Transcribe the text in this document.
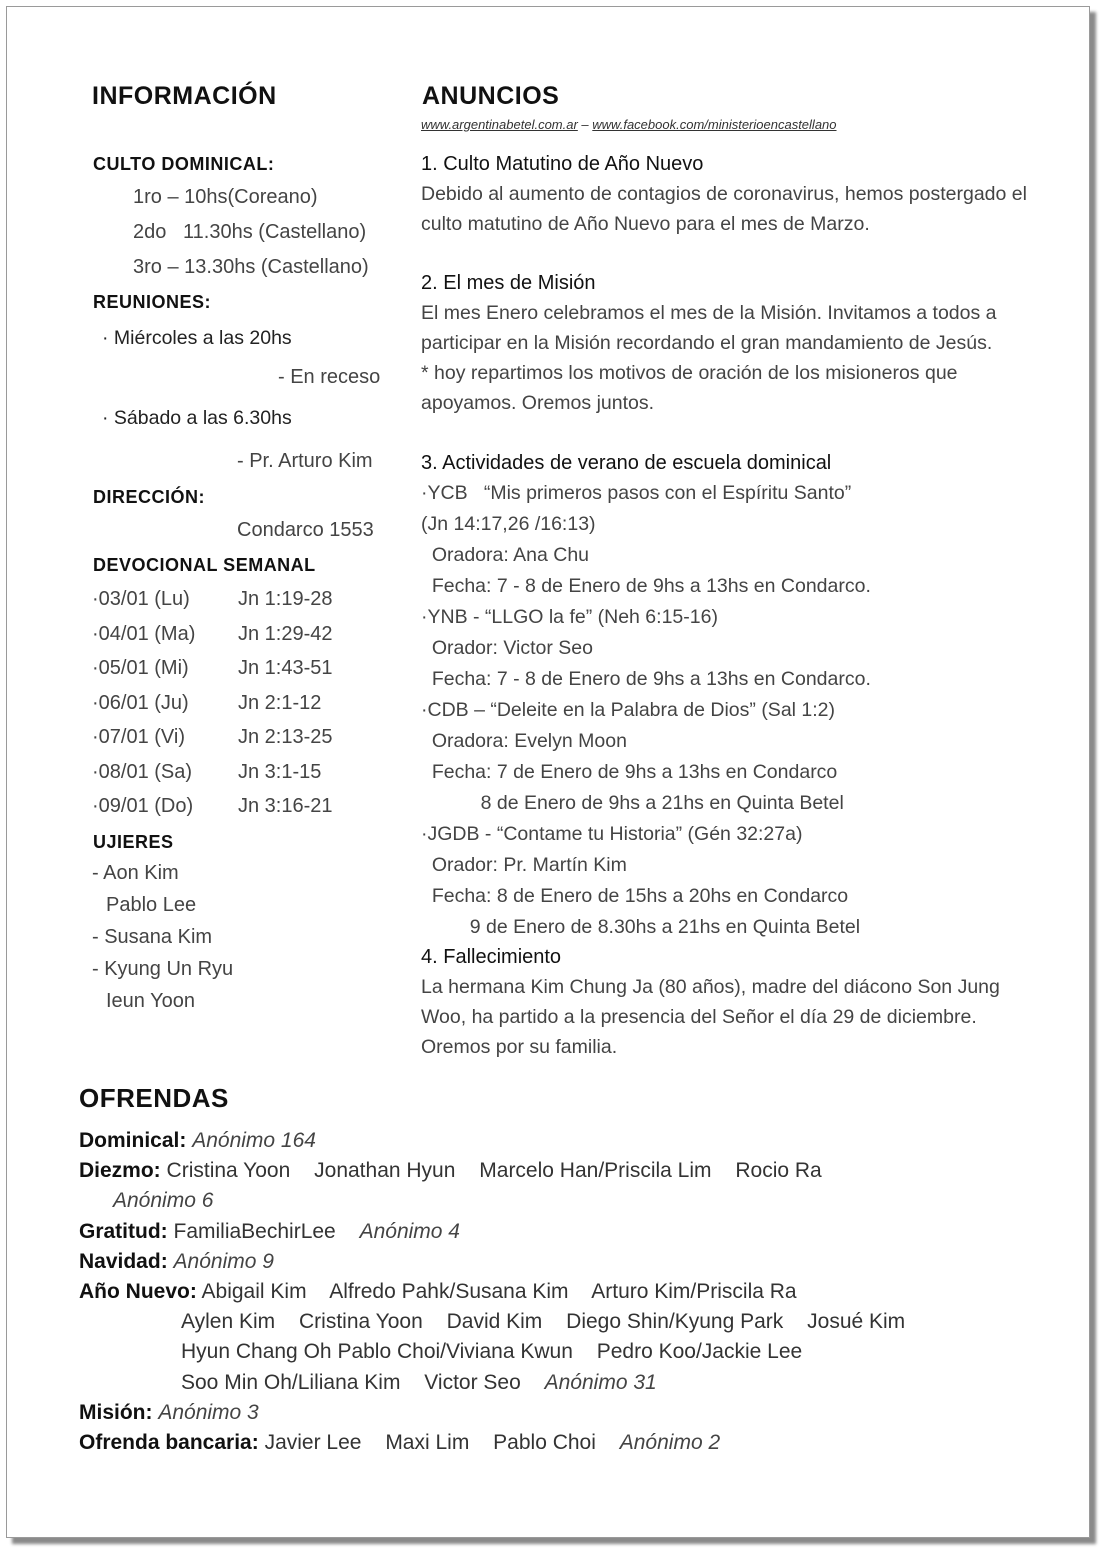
INFORMACIÓN
CULTO DOMINICAL:
1ro – 10hs(Coreano)
2do   11.30hs (Castellano)
3ro – 13.30hs (Castellano)
REUNIONES:
· Miércoles a las 20hs
- En receso
· Sábado a las 6.30hs
- Pr. Arturo Kim
DIRECCIÓN:
Condarco 1553
DEVOCIONAL SEMANAL
·03/01 (Lu) Jn 1:19-28
·04/01 (Ma) Jn 1:29-42
·05/01 (Mi) Jn 1:43-51
·06/01 (Ju) Jn 2:1-12
·07/01 (Vi)	Jn 2:13-25
·08/01 (Sa) Jn 3:1-15
·09/01 (Do) Jn 3:16-21
UJIERES
- Aon Kim
Pablo Lee
- Susana Kim
- Kyung Un Ryu
Ieun Yoon
ANUNCIOS
www.argentinabetel.com.ar – www.facebook.com/ministerioencastellano
1. Culto Matutino de Año Nuevo
Debido al aumento de contagios de coronavirus, hemos postergado el culto matutino de Año Nuevo para el mes de Marzo.
2. El mes de Misión
El mes Enero celebramos el mes de la Misión. Invitamos a todos a participar en la Misión recordando el gran mandamiento de Jesús.
* hoy repartimos los motivos de oración de los misioneros que apoyamos. Oremos juntos.
3. Actividades de verano de escuela dominical
·YCB   “Mis primeros pasos con el Espíritu Santo”
(Jn 14:17,26 /16:13)
Oradora: Ana Chu
Fecha: 7 - 8 de Enero de 9hs a 13hs en Condarco.
·YNB - “LLGO la fe” (Neh 6:15-16)
Orador: Victor Seo
Fecha: 7 - 8 de Enero de 9hs a 13hs en Condarco.
·CDB – “Deleite en la Palabra de Dios” (Sal 1:2)
Oradora: Evelyn Moon
Fecha: 7 de Enero de 9hs a 13hs en Condarco
8 de Enero de 9hs a 21hs en Quinta Betel
·JGDB - “Contame tu Historia” (Gén 32:27a)
Orador: Pr. Martín Kim
Fecha: 8 de Enero de 15hs a 20hs en Condarco
9 de Enero de 8.30hs a 21hs en Quinta Betel
4. Fallecimiento
La hermana Kim Chung Ja (80 años), madre del diácono Son Jung Woo, ha partido a la presencia del Señor el día 29 de diciembre. Oremos por su familia.
OFRENDAS
Dominical: Anónimo 164
Diezmo: Cristina Yoon Jonathan Hyun Marcelo Han/Priscila Lim Rocio Ra
Anónimo 6
Gratitud: FamiliaBechirLee Anónimo 4
Navidad: Anónimo 9
Año Nuevo: Abigail Kim Alfredo Pahk/Susana Kim Arturo Kim/Priscila Ra
Aylen Kim Cristina Yoon David Kim Diego Shin/Kyung Park Josué Kim
Hyun Chang Oh Pablo Choi/Viviana Kwun Pedro Koo/Jackie Lee
Soo Min Oh/Liliana Kim Victor Seo Anónimo 31
Misión: Anónimo 3
Ofrenda bancaria: Javier Lee Maxi Lim Pablo Choi Anónimo 2
